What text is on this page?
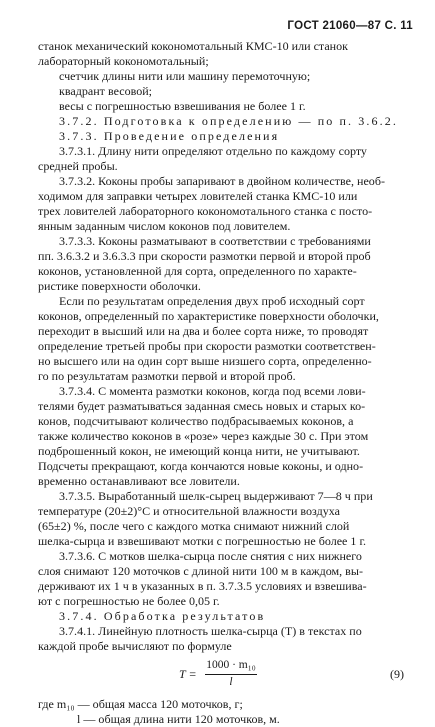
ГОСТ 21060—87 С. 11

станок механический кокономотальный КМС-10 или станок

лабораторный кокономотальный;

счетчик длины нити или машину перемоточную;

квадрант весовой;

весы с погрешностью взвешивания не более 1 г.

3.7.2. Подготовка к определению — по п. 3.6.2.

3.7.3. Проведение определения

3.7.3.1. Длину нити определяют отдельно по каждому сорту

средней пробы.

3.7.3.2. Коконы пробы запаривают в двойном количестве, необ-

ходимом для заправки четырех ловителей станка КМС-10 или

трех ловителей лабораторного кокономотального станка с посто-

янным заданным числом коконов под ловителем.

3.7.3.3. Коконы разматывают в соответствии с требованиями

пп. 3.6.3.2 и 3.6.3.3 при скорости размотки первой и второй проб

коконов, установленной для сорта, определенного по характе-

ристике поверхности оболочки.

Если по результатам определения двух проб исходный сорт

коконов, определенный по характеристике поверхности оболочки,

переходит в высший или на два и более сорта ниже, то проводят

определение третьей пробы при скорости размотки соответствен-

но высшего или на один сорт выше низшего сорта, определенно-

го по результатам размотки первой и второй проб.

3.7.3.4. С момента размотки коконов, когда под всеми лови-

телями будет разматываться заданная смесь новых и старых ко-

конов, подсчитывают количество подбрасываемых коконов, а

также количество коконов в «розе» через каждые 30 с. При этом

подброшенный кокон, не имеющий конца нити, не учитывают.

Подсчеты прекращают, когда кончаются новые коконы, и одно-

временно останавливают все ловители.

3.7.3.5. Выработанный шелк-сырец выдерживают 7—8 ч при

температуре (20±2)°С и относительной влажности воздуха

(65±2) %, после чего с каждого мотка снимают нижний слой

шелка-сырца и взвешивают мотки с погрешностью не более 1 г.

3.7.3.6. С мотков шелка-сырца после снятия с них нижнего

слоя снимают 120 моточков с длиной нити 100 м в каждом, вы-

держивают их 1 ч в указанных в п. 3.7.3.5 условиях и взвешива-

ют с погрешностью не более 0,05 г.

3.7.4. Обработка результатов

3.7.4.1. Линейную плотность шелка-сырца (Т) в текстах по

каждой пробе вычисляют по формуле

$T = \frac{\text{1000 · m₁₀}}{l}$	(9)

где m₁₀ — общая масса 120 моточков, г;

l — общая длина нити 120 моточков, м.
